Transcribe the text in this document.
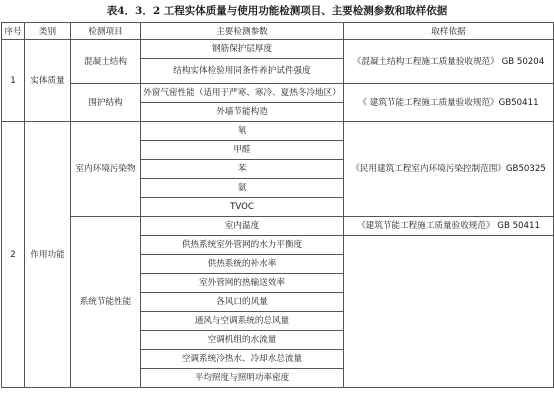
表4．3．2 工程实体质量与使用功能检测项目、主要检测参数和取样依据
序号	类别	检测项目	主要检测参数	取样依据
1	实体质量	混凝土结构	钢筋保护层厚度	《混凝土结构工程施工质量验收规范》 GB 50204
			结构实体检验用同条件养护试件强度	
		围护结构	外窗气密性能（适用于严寒、寒冷、夏热冬冷地区）	《 建筑节能工程施工质量验收规范》GB50411
			外墙节能构造	
2	作用功能	室内环境污染物	氡	《民用建筑工程室内环境污染控制范围》GB50325
			甲醛	
			苯	
			氨	
			TVOC	
		系统节能性能	室内温度	《建筑节能工程施工质量验收规范》 GB 50411
			供热系统室外管网的水力平衡度	
			供热系统的补水率	
			室外管网的热输送效率	
			各风口的风量	
			通风与空调系统的总风量	
			空调机组的水流量	
			空调系统冷热水、冷却水总流量	
			平均照度与照明功率密度	
